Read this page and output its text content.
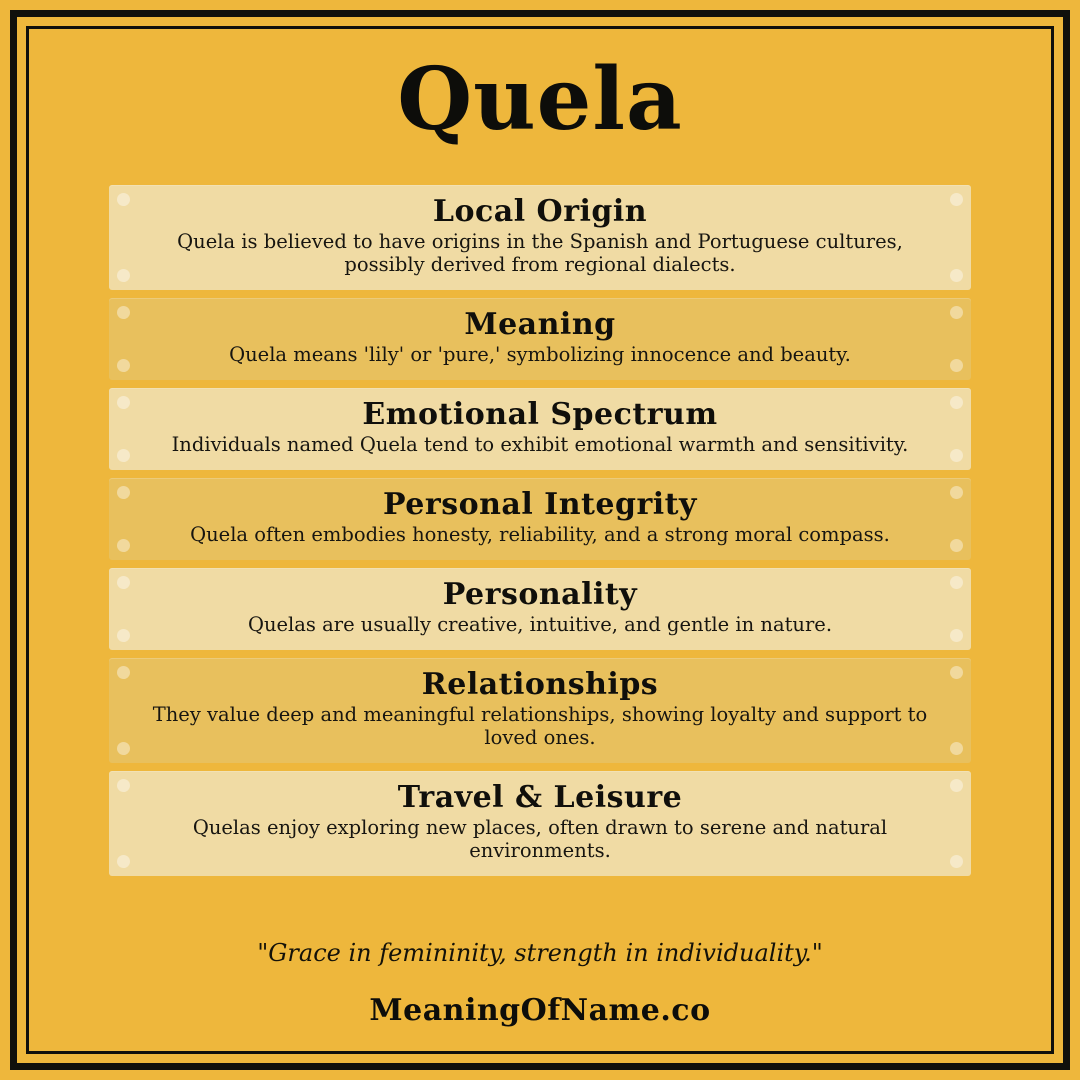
Quela
Local Origin

Quela is believed to have origins in the Spanish and Portuguese cultures, possibly derived from regional dialects.

Meaning

Quela means 'lily' or 'pure,' symbolizing innocence and beauty.

Emotional Spectrum

Individuals named Quela tend to exhibit emotional warmth and sensitivity.

Personal Integrity

Quela often embodies honesty, reliability, and a strong moral compass.

Personality

Quelas are usually creative, intuitive, and gentle in nature.

Relationships

They value deep and meaningful relationships, showing loyalty and support to loved ones.

Travel & Leisure

Quelas enjoy exploring new places, often drawn to serene and natural environments.

"Grace in femininity, strength in individuality."
MeaningOfName.co
